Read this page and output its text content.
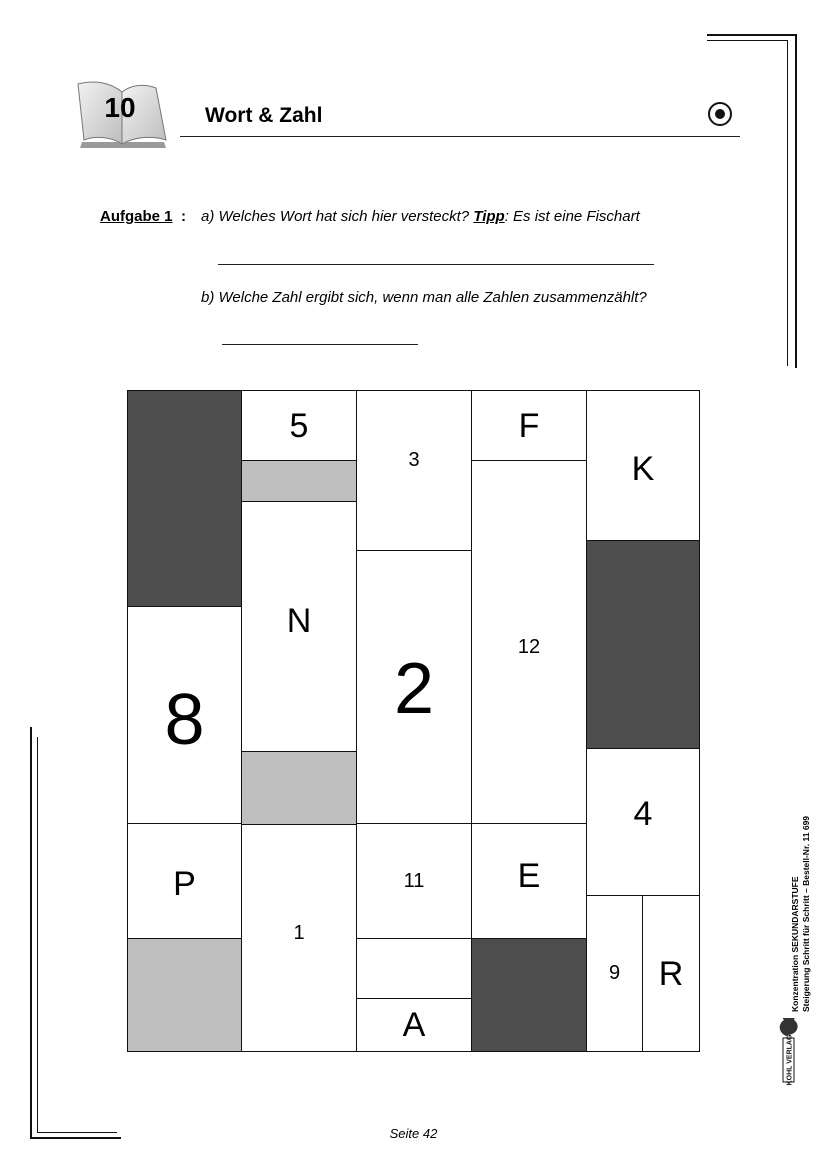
10	Wort & Zahl
Aufgabe 1 : a) Welches Wort hat sich hier versteckt? Tipp: Es ist eine Fischart
b) Welche Zahl ergibt sich, wenn man alle Zahlen zusammenzählt?
8
P
5
N
1
3
2
11
A
F
12
E
K
4
9	R	Konzentration SEKUNDARSTUFE Steigerung Schritt für Schritt – Bestell-Nr. 11 699
KOHL VERLAG
Seite 42
